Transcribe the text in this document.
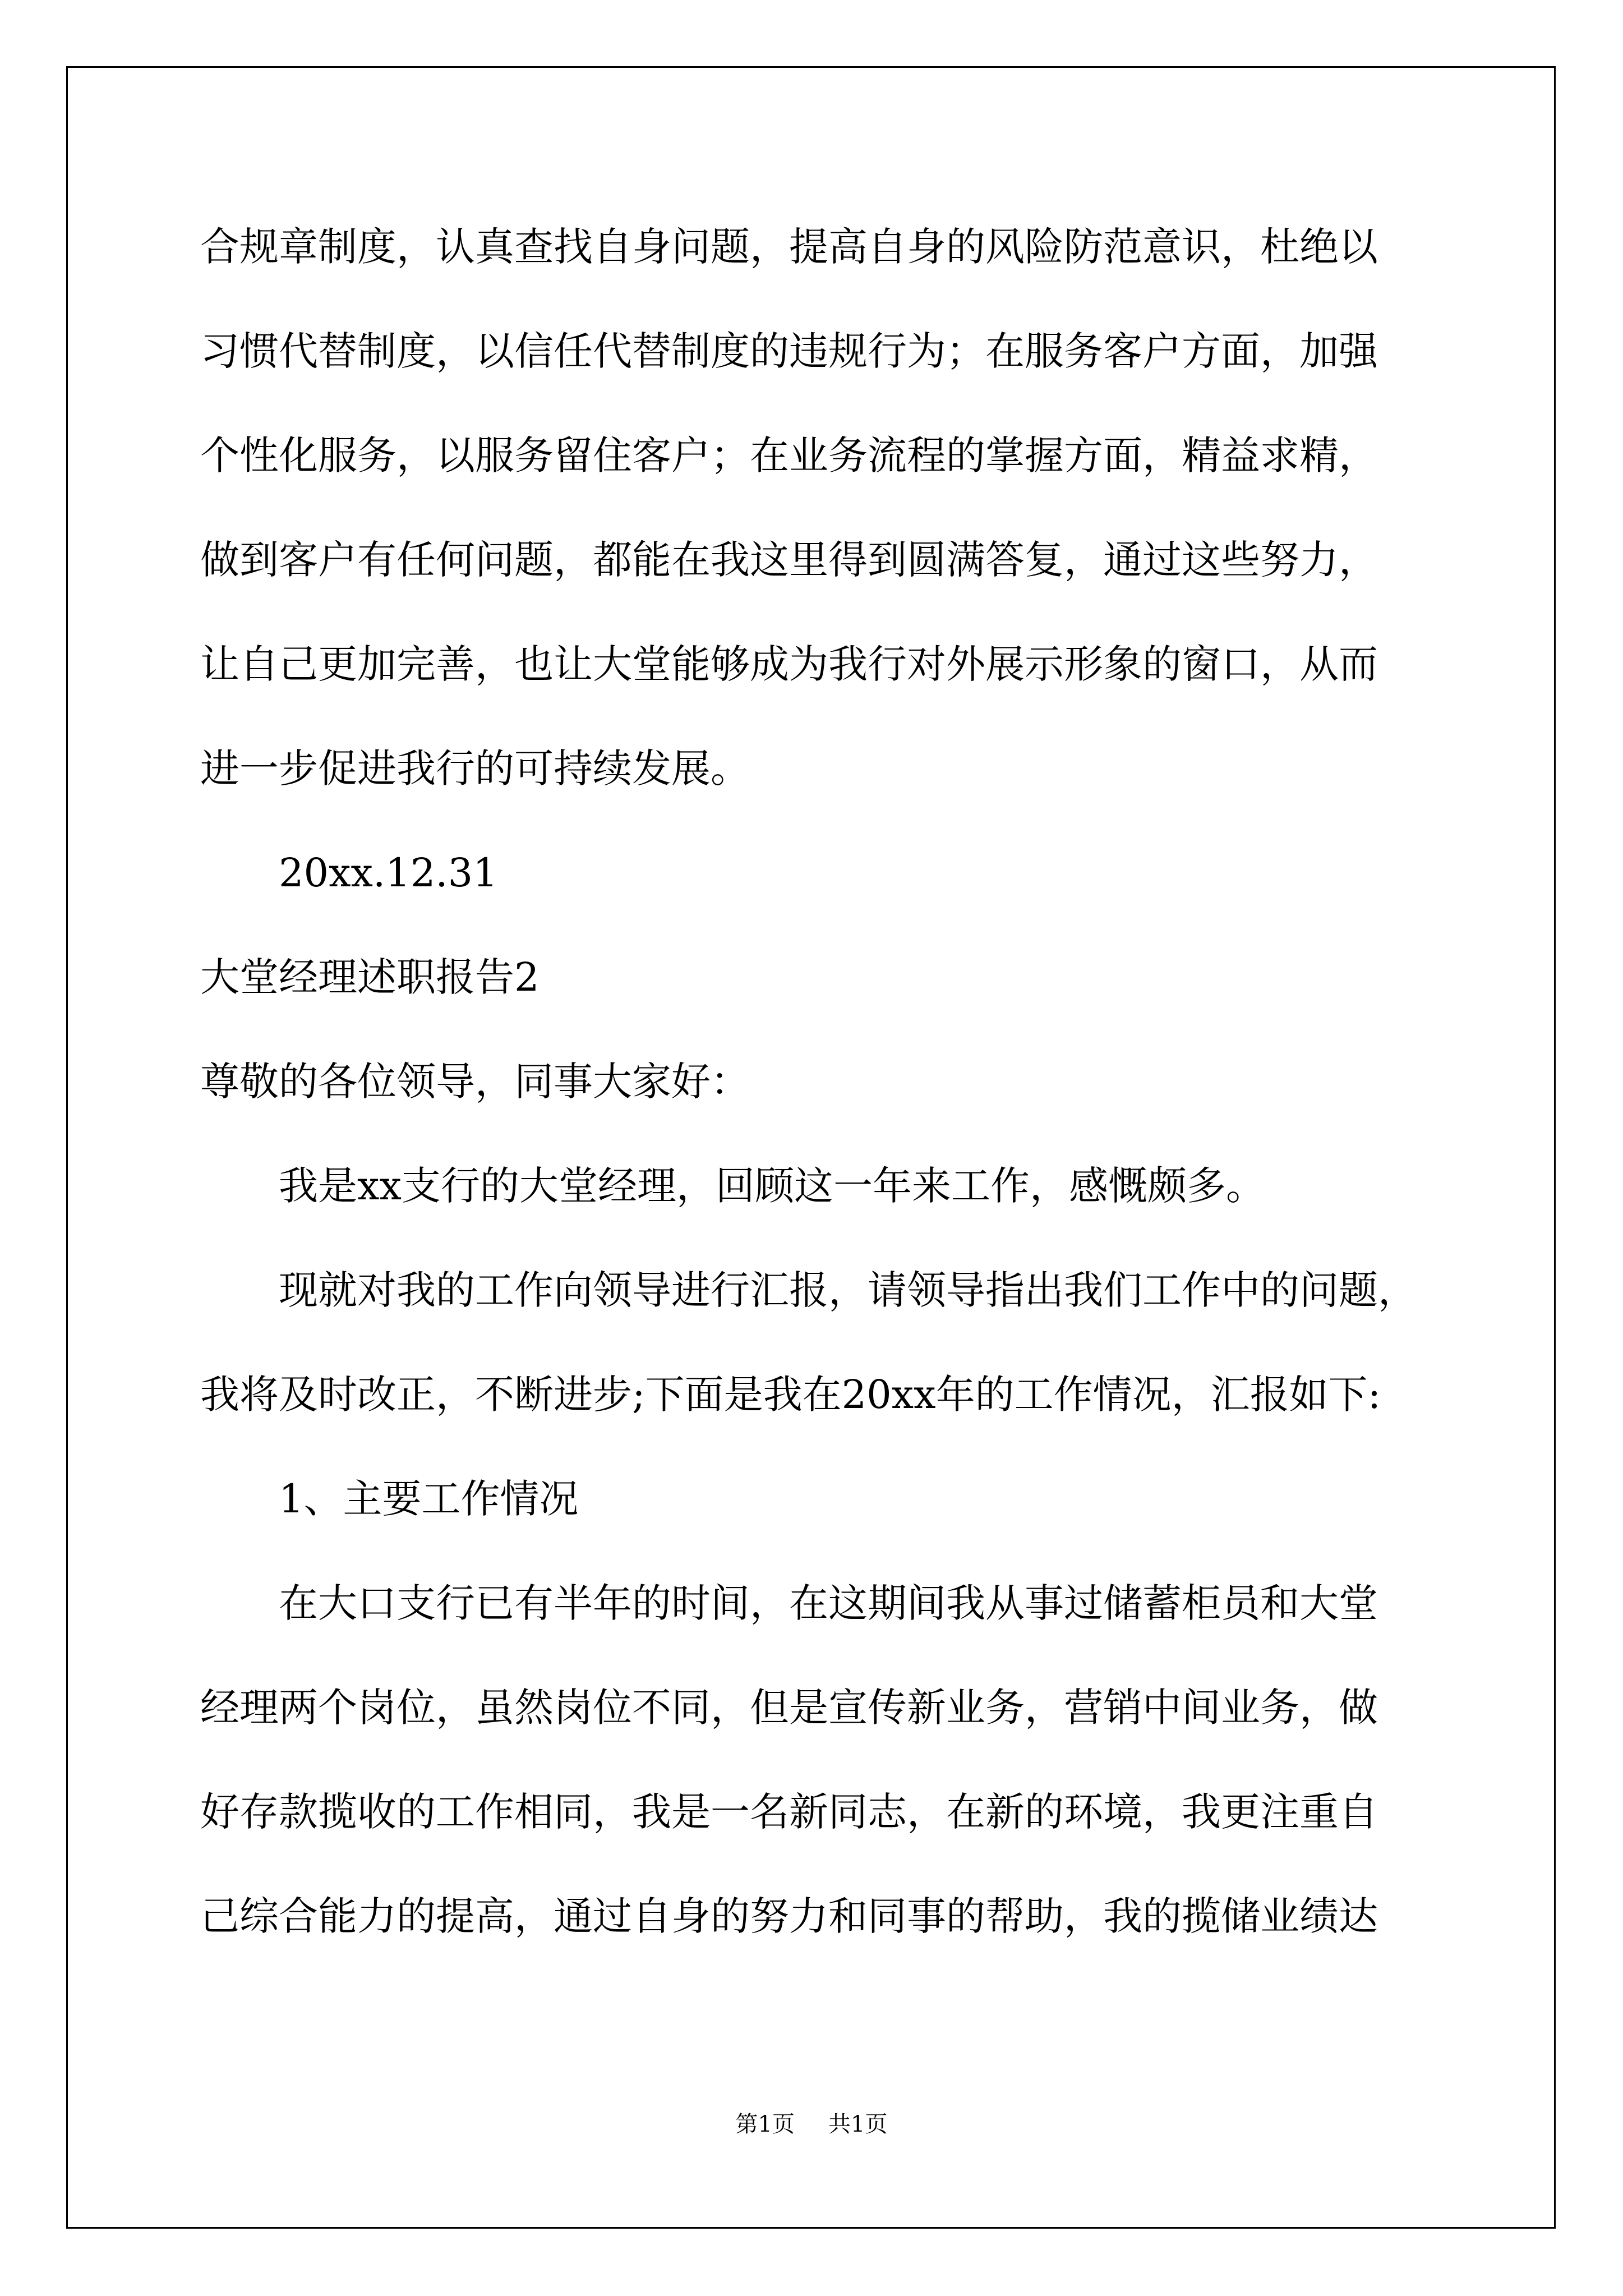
合规章制度，认真查找自身问题，提高自身的风险防范意识，杜绝以
习惯代替制度，以信任代替制度的违规行为；在服务客户方面，加强
个性化服务，以服务留住客户；在业务流程的掌握方面，精益求精，
做到客户有任何问题，都能在我这里得到圆满答复，通过这些努力，
让自己更加完善，也让大堂能够成为我行对外展示形象的窗口，从而
进一步促进我行的可持续发展。
20xx.12.31
大堂经理述职报告2
尊敬的各位领导，同事大家好：
我是xx支行的大堂经理，回顾这一年来工作，感慨颇多。
现就对我的工作向领导进行汇报，请领导指出我们工作中的问题，
我将及时改正，不断进步;下面是我在20xx年的工作情况，汇报如下:
1、主要工作情况
在大口支行已有半年的时间，在这期间我从事过储蓄柜员和大堂
经理两个岗位，虽然岗位不同，但是宣传新业务，营销中间业务，做
好存款揽收的工作相同，我是一名新同志，在新的环境，我更注重自
己综合能力的提高，通过自身的努力和同事的帮助，我的揽储业绩达
第1页 共1页
